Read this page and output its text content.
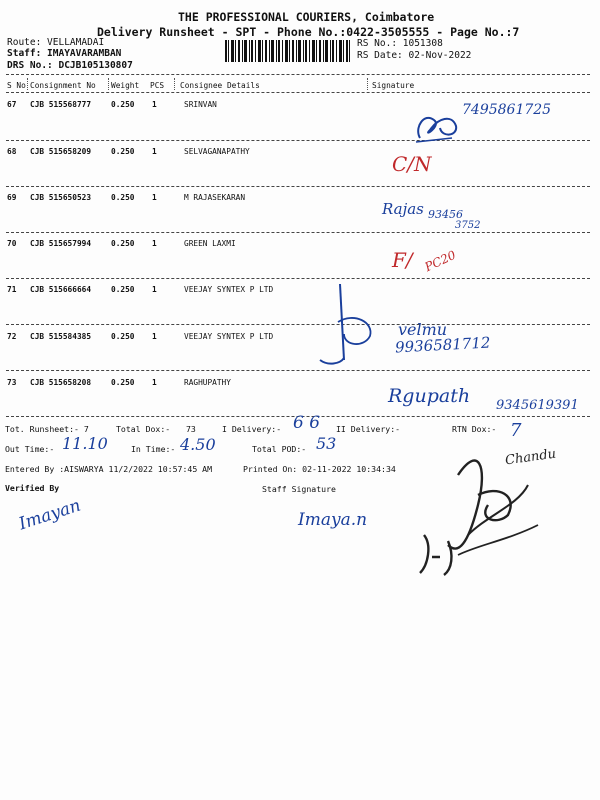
THE PROFESSIONAL COURIERS, Coimbatore
Delivery Runsheet - SPT - Phone No.:0422-3505555 - Page No.:7
Route: VELLAMADAI
Staff: IMAYAVARAMBAN
DRS No.: DCJB105130807
RS No.: 1051308
RS Date: 02-Nov-2022
S No Consignment No Weight PCS Consignee Details	Signature
67 CJB 515568777	0.250 1	SRINVAN
68 CJB 515658209	0.250 1	SELVAGANAPATHY
69 CJB 515650523	0.250 1	M RAJASEKARAN
70 CJB 515657994	0.250 1	GREEN LAXMI
71 CJB 515666664	0.250 1	VEEJAY SYNTEX P LTD
72 CJB 515584385	0.250 1	VEEJAY SYNTEX P LTD
73 CJB 515658208	0.250 1	RAGHUPATHY
7495861725
C/N
Rajas 93456
3752
F/ PC20
velmu
9936581712
Rgupath 9345619391
Tot. Runsheet:- 7	Total Dox:- 73	I Delivery:- 6 6 II Delivery:-	RTN Dox:- 7
Out Time:- 11.10	In Time:- 4.50	Total POD:- 53
Entered By :AISWARYA 11/2/2022 10:57:45 AM	Printed On: 02-11-2022 10:34:34
Verified By	Staff Signature
Imayan	Imaya.n
Chandu
